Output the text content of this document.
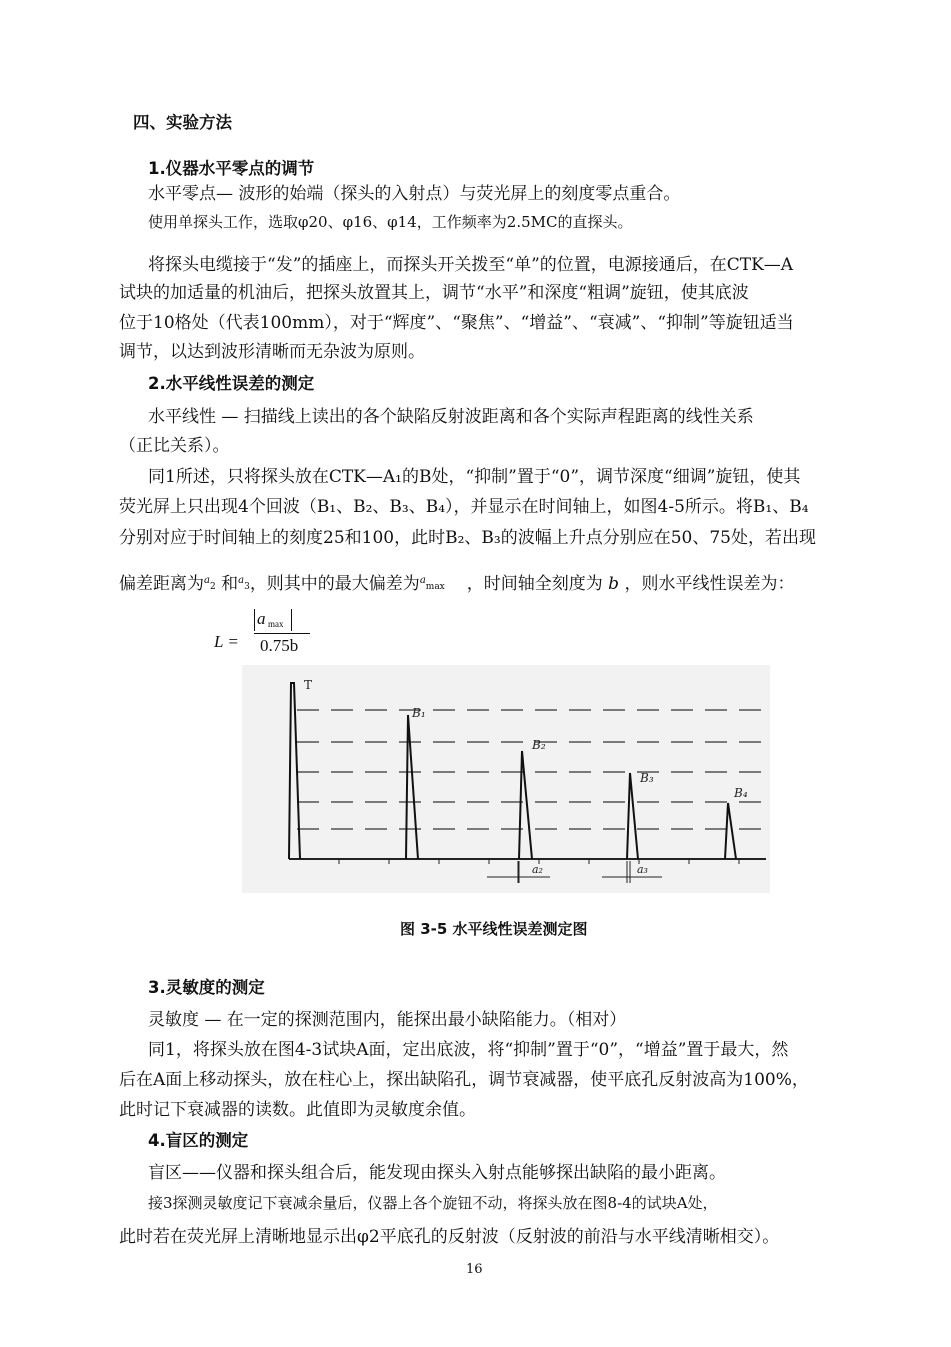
四、实验方法
1.仪器水平零点的调节
水平零点— 波形的始端（探头的入射点）与荧光屏上的刻度零点重合。
使用单探头工作，选取φ20、φ16、φ14，工作频率为2.5MC的直探头。
将探头电缆接于“发”的插座上，而探头开关拨至“单”的位置，电源接通后，在CTK—A
试块的加适量的机油后，把探头放置其上，调节“水平”和深度“粗调”旋钮，使其底波
位于10格处（代表100mm），对于“辉度”、“聚焦”、“增益”、“衰减”、“抑制”等旋钮适当
调节，以达到波形清晰而无杂波为原则。
2.水平线性误差的测定
水平线性 — 扫描线上读出的各个缺陷反射波距离和各个实际声程距离的线性关系
（正比关系）。
同1所述，只将探头放在CTK—A₁的B处，“抑制”置于“0”，调节深度“细调”旋钮，使其
荧光屏上只出现4个回波（B₁、B₂、B₃、B₄），并显示在时间轴上，如图4-5所示。将B₁、B₄
分别对应于时间轴上的刻度25和100，此时B₂、B₃的波幅上升点分别应在50、75处，若出现
偏差距离为$^a$2 和$^a$3，则其中的最大偏差为$^a$max ，时间轴全刻度为 b ，则水平线性误差为：
L =
a max
0.75b
T
B₁
B₂
B₃
B₄
a₂	a₃
图 3-5 水平线性误差测定图
3.灵敏度的测定
灵敏度 — 在一定的探测范围内，能探出最小缺陷能力。（相对）
同1，将探头放在图4-3试块A面，定出底波，将“抑制”置于“0”，“增益”置于最大，然
后在A面上移动探头，放在柱心上，探出缺陷孔，调节衰减器，使平底孔反射波高为100%，
此时记下衰减器的读数。此值即为灵敏度余值。
4.盲区的测定
盲区——仪器和探头组合后，能发现由探头入射点能够探出缺陷的最小距离。
接3探测灵敏度记下衰减余量后，仪器上各个旋钮不动，将探头放在图8-4的试块A处，
此时若在荧光屏上清晰地显示出φ2平底孔的反射波（反射波的前沿与水平线清晰相交）。
16
